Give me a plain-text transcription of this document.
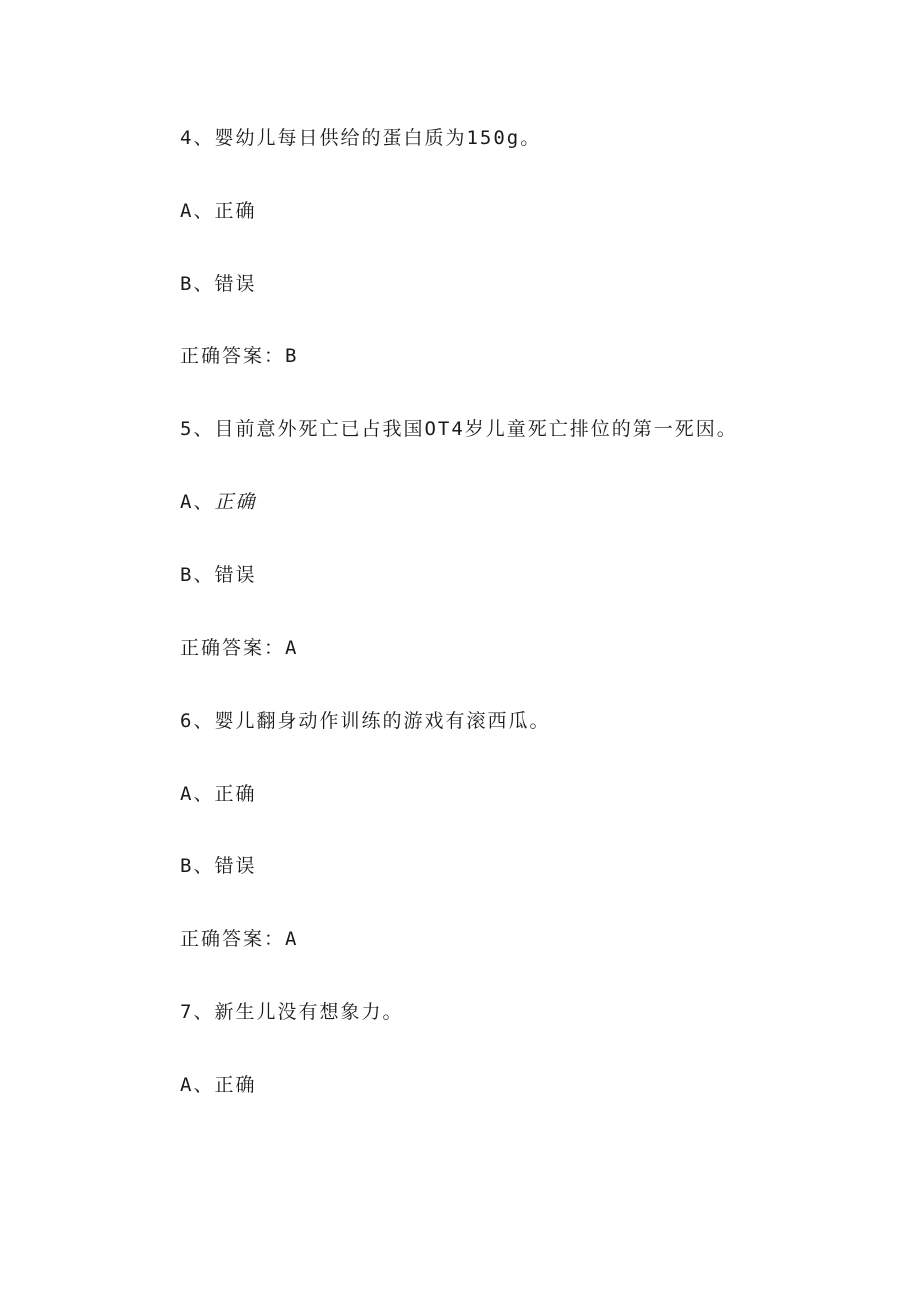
4、婴幼儿每日供给的蛋白质为150g。
A、正确
B、错误
正确答案：B
5、目前意外死亡已占我国OT4岁儿童死亡排位的第一死因。
A、正确
B、错误
正确答案：A
6、婴儿翻身动作训练的游戏有滚西瓜。
A、正确
B、错误
正确答案：A
7、新生儿没有想象力。
A、正确
